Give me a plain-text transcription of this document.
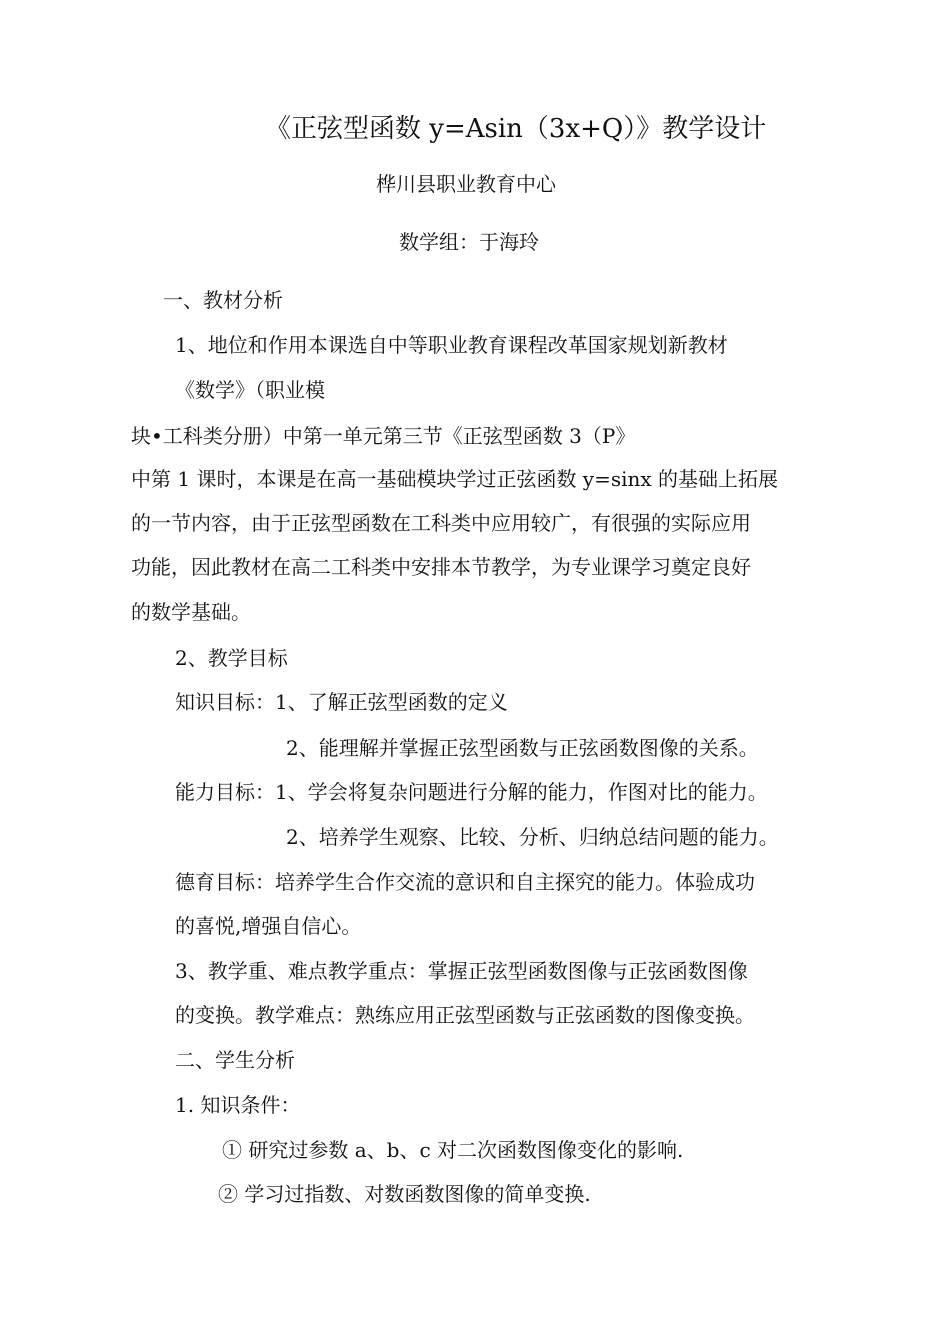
《正弦型函数 y=Asin（3x+Q）》教学设计
桦川县职业教育中心
数学组：于海玲
一、教材分析
1、地位和作用本课选自中等职业教育课程改革国家规划新教材
《数学》（职业模
块•工科类分册）中第一单元第三节《正弦型函数 3（P》
中第 1 课时，本课是在高一基础模块学过正弦函数 y=sinx 的基础上拓展
的一节内容，由于正弦型函数在工科类中应用较广，有很强的实际应用
功能，因此教材在高二工科类中安排本节教学，为专业课学习奠定良好
的数学基础。
2、教学目标
知识目标：1、了解正弦型函数的定义
2、能理解并掌握正弦型函数与正弦函数图像的关系。
能力目标：1、学会将复杂问题进行分解的能力，作图对比的能力。
2、培养学生观察、比较、分析、归纳总结问题的能力。
德育目标：培养学生合作交流的意识和自主探究的能力。体验成功
的喜悦,增强自信心。
3、教学重、难点教学重点：掌握正弦型函数图像与正弦函数图像
的变换。教学难点：熟练应用正弦型函数与正弦函数的图像变换。
二、学生分析
1. 知识条件：
① 研究过参数 a、b、c 对二次函数图像变化的影响.
② 学习过指数、对数函数图像的简单变换.
